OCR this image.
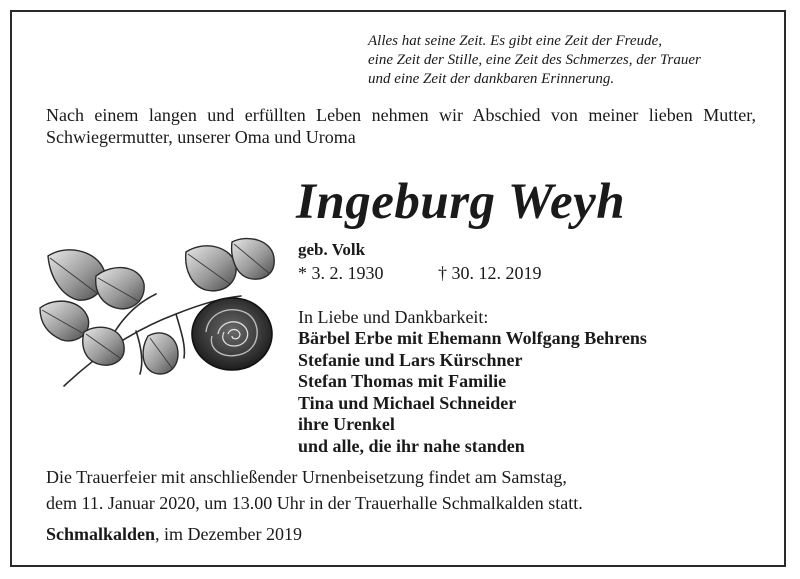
Alles hat seine Zeit. Es gibt eine Zeit der Freude,
eine Zeit der Stille, eine Zeit des Schmerzes, der Trauer
und eine Zeit der dankbaren Erinnerung.
Nach einem langen und erfüllten Leben nehmen wir Abschied von meiner lieben Mutter, Schwiegermutter, unserer Oma und Uroma
Ingeburg Weyh
geb. Volk
* 3. 2. 1930	† 30. 12. 2019
In Liebe und Dankbarkeit:
Bärbel Erbe mit Ehemann Wolfgang Behrens
Stefanie und Lars Kürschner
Stefan Thomas mit Familie
Tina und Michael Schneider
ihre Urenkel
und alle, die ihr nahe standen
Die Trauerfeier mit anschließender Urnenbeisetzung findet am Samstag,
dem 11. Januar 2020, um 13.00 Uhr in der Trauerhalle Schmalkalden statt.
Schmalkalden, im Dezember 2019
